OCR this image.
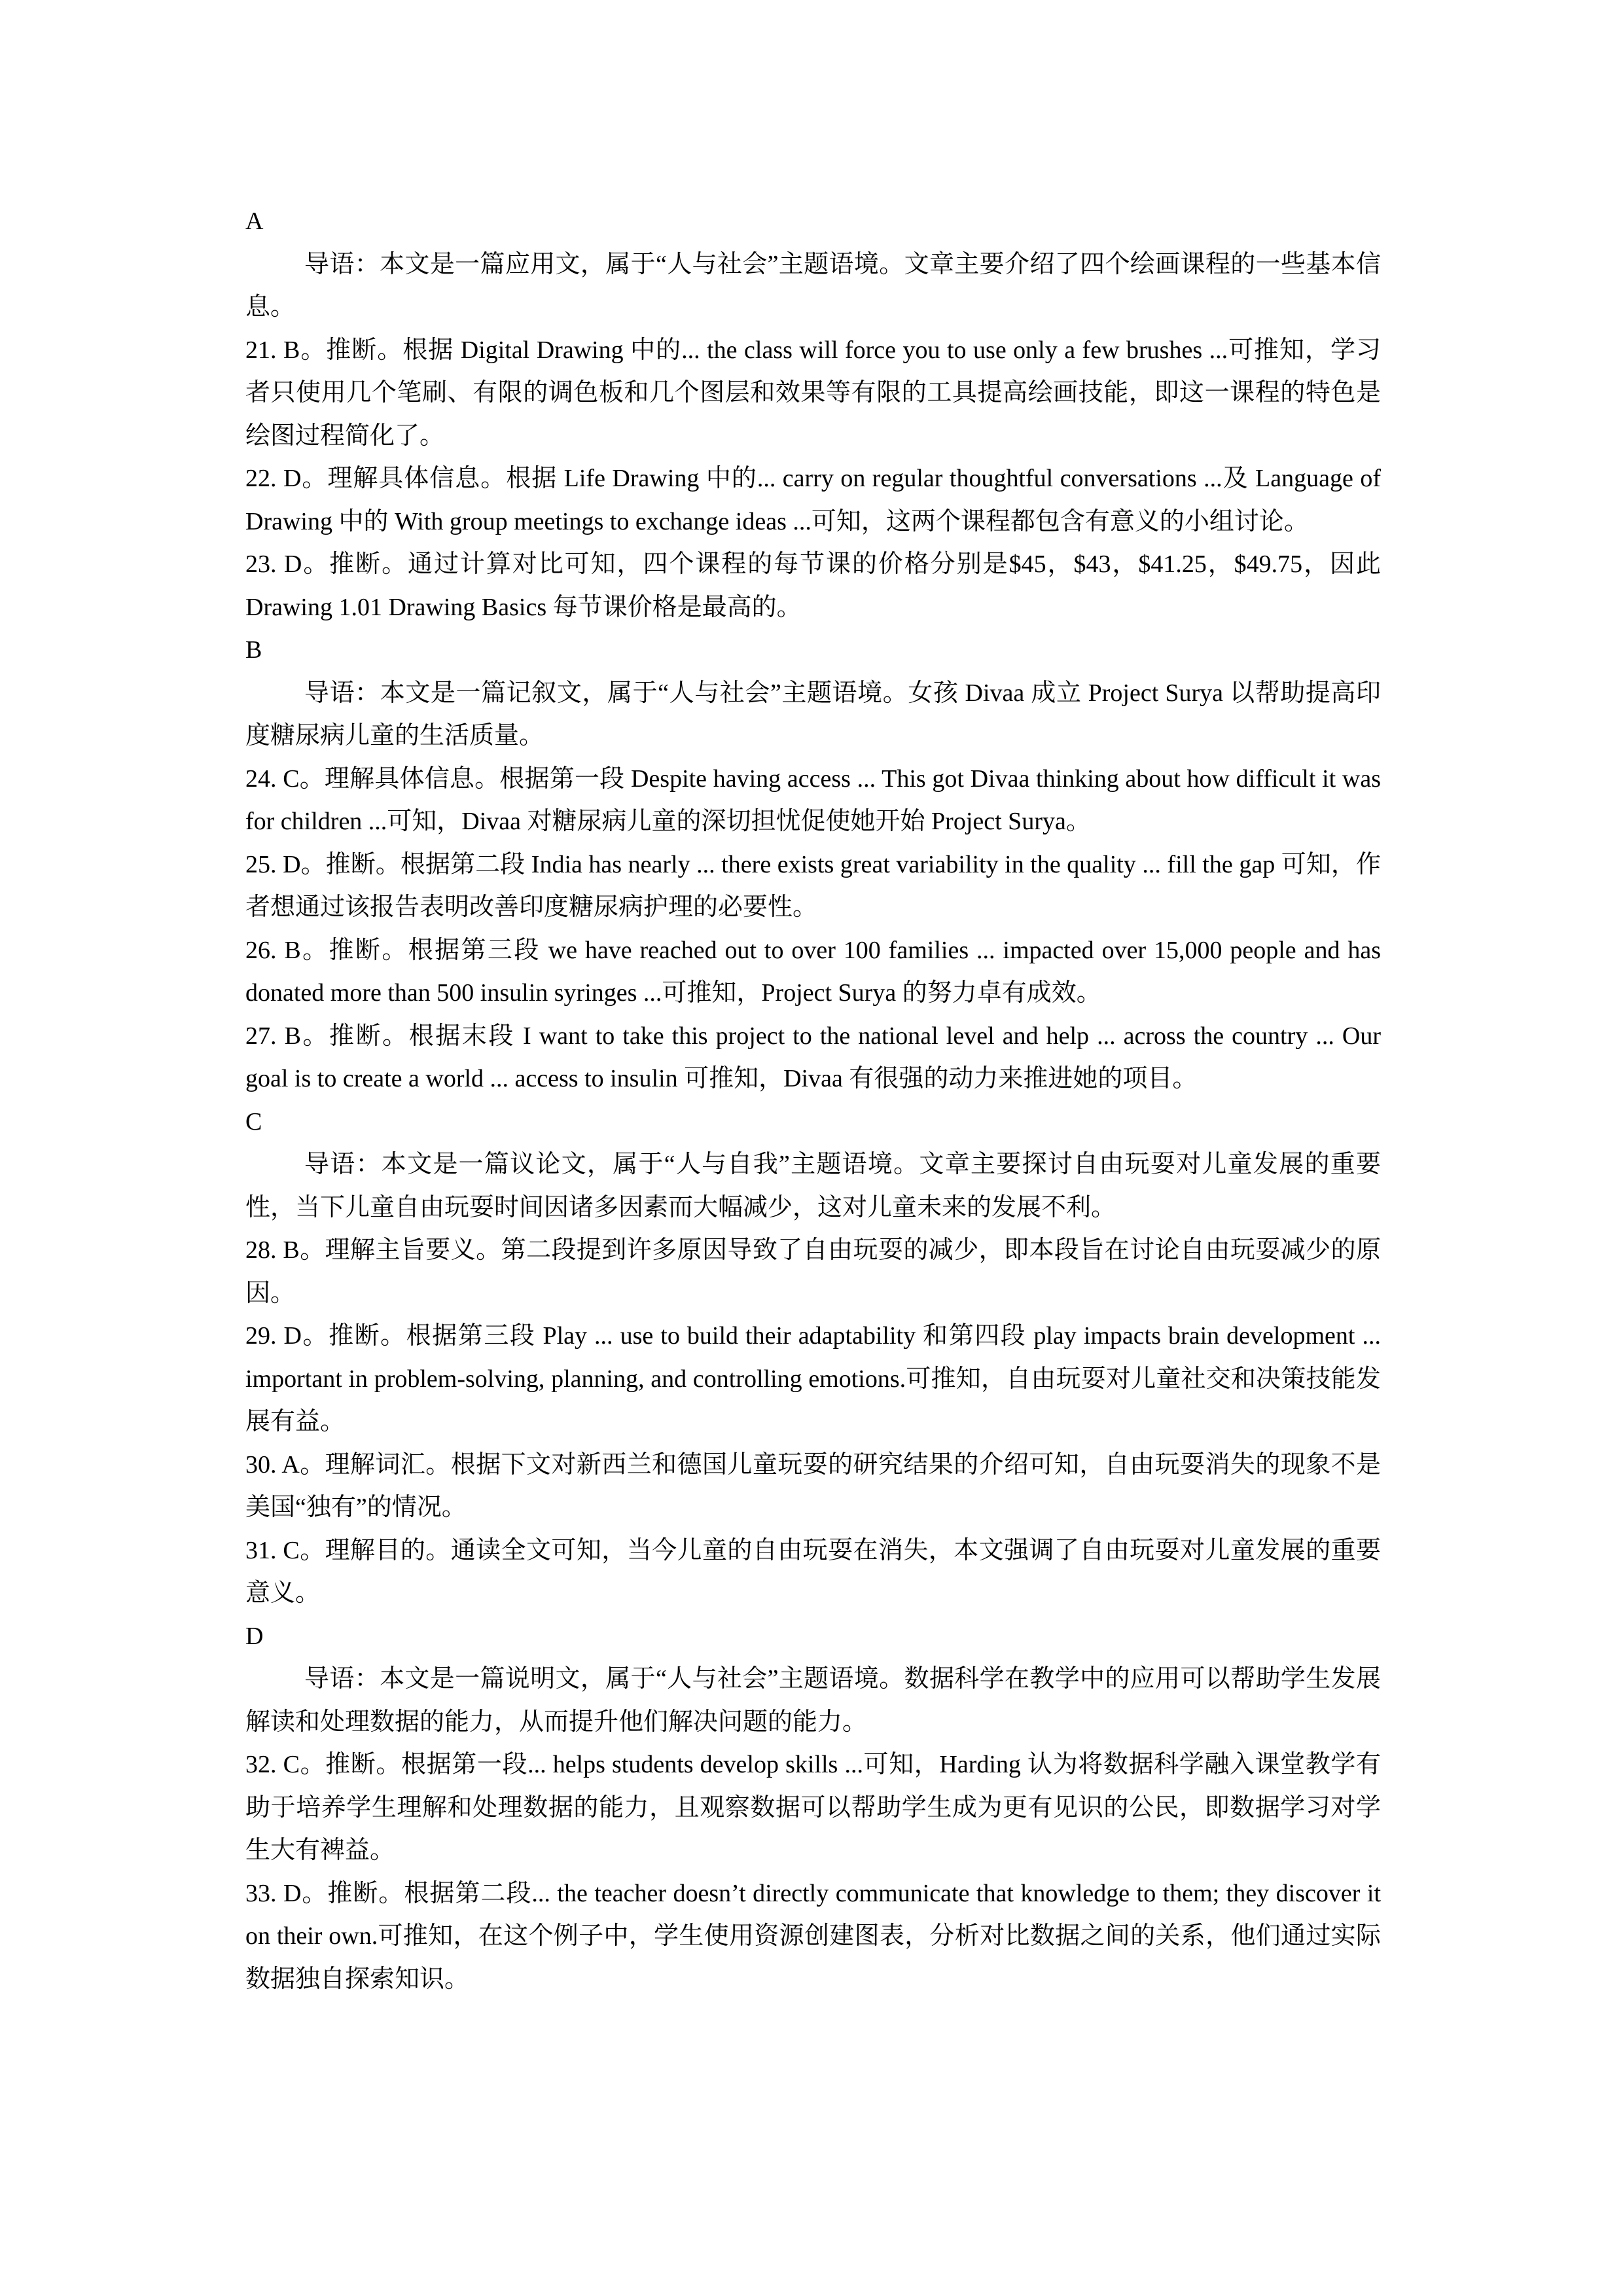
A

导语：本文是一篇应用文，属于“人与社会”主题语境。文章主要介绍了四个绘画课程的一些基本信息。

21. B。推断。根据 Digital Drawing 中的... the class will force you to use only a few brushes ...可推知，学习者只使用几个笔刷、有限的调色板和几个图层和效果等有限的工具提高绘画技能，即这一课程的特色是绘图过程简化了。

22. D。理解具体信息。根据 Life Drawing 中的... carry on regular thoughtful conversations ...及 Language of Drawing 中的 With group meetings to exchange ideas ...可知，这两个课程都包含有意义的小组讨论。

23. D。推断。通过计算对比可知，四个课程的每节课的价格分别是$45，$43，$41.25，$49.75，因此 Drawing 1.01 Drawing Basics 每节课价格是最高的。

B

导语：本文是一篇记叙文，属于“人与社会”主题语境。女孩 Divaa 成立 Project Surya 以帮助提高印度糖尿病儿童的生活质量。

24. C。理解具体信息。根据第一段 Despite having access ... This got Divaa thinking about how difficult it was for children ...可知，Divaa 对糖尿病儿童的深切担忧促使她开始 Project Surya。

25. D。推断。根据第二段 India has nearly ... there exists great variability in the quality ... fill the gap 可知，作者想通过该报告表明改善印度糖尿病护理的必要性。

26. B。推断。根据第三段 we have reached out to over 100 families ... impacted over 15,000 people and has donated more than 500 insulin syringes ...可推知，Project Surya 的努力卓有成效。

27. B。推断。根据末段 I want to take this project to the national level and help ... across the country ... Our goal is to create a world ... access to insulin 可推知，Divaa 有很强的动力来推进她的项目。

C

导语：本文是一篇议论文，属于“人与自我”主题语境。文章主要探讨自由玩耍对儿童发展的重要性，当下儿童自由玩耍时间因诸多因素而大幅减少，这对儿童未来的发展不利。

28. B。理解主旨要义。第二段提到许多原因导致了自由玩耍的减少，即本段旨在讨论自由玩耍减少的原因。

29. D。推断。根据第三段 Play ... use to build their adaptability 和第四段 play impacts brain development ... important in problem-solving, planning, and controlling emotions.可推知，自由玩耍对儿童社交和决策技能发展有益。

30. A。理解词汇。根据下文对新西兰和德国儿童玩耍的研究结果的介绍可知，自由玩耍消失的现象不是美国“独有”的情况。

31. C。理解目的。通读全文可知，当今儿童的自由玩耍在消失，本文强调了自由玩耍对儿童发展的重要意义。

D

导语：本文是一篇说明文，属于“人与社会”主题语境。数据科学在教学中的应用可以帮助学生发展解读和处理数据的能力，从而提升他们解决问题的能力。

32. C。推断。根据第一段... helps students develop skills ...可知，Harding 认为将数据科学融入课堂教学有助于培养学生理解和处理数据的能力，且观察数据可以帮助学生成为更有见识的公民，即数据学习对学生大有裨益。

33. D。推断。根据第二段... the teacher doesn’t directly communicate that knowledge to them; they discover it on their own.可推知，在这个例子中，学生使用资源创建图表，分析对比数据之间的关系，他们通过实际数据独自探索知识。
